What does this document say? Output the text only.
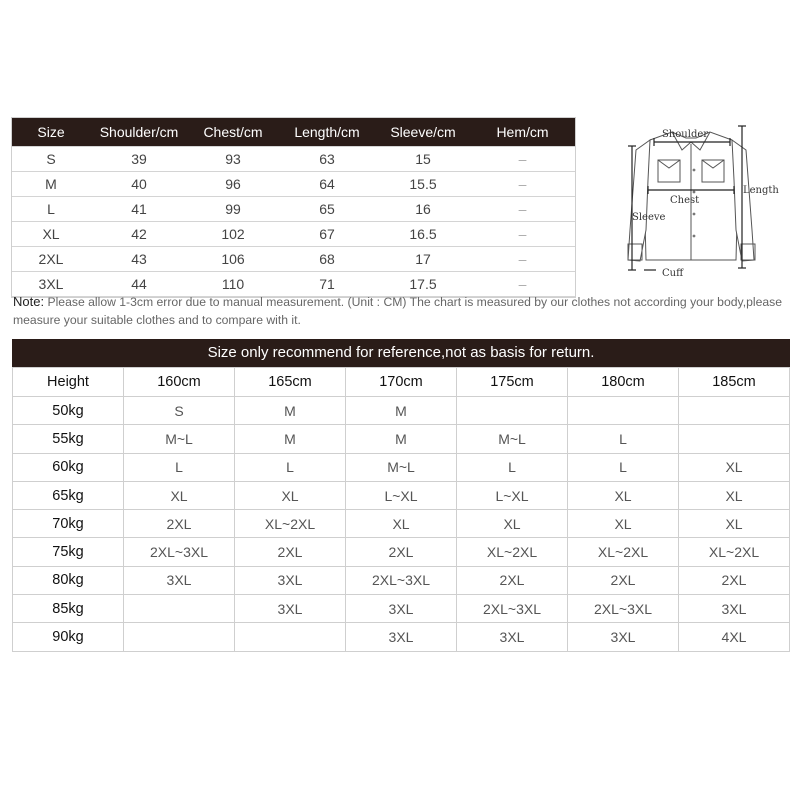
Size	Shoulder/cm	Chest/cm	Length/cm	Sleeve/cm	Hem/cm
S	39	93	63	15	–
M	40	96	64	15.5	–
L	41	99	65	16	–
XL	42	102	67	16.5	–
2XL	43	106	68	17	–
3XL	44	110	71	17.5	–
Shoulder
Chest
Length
Sleeve
Cuff
Note: Please allow 1-3cm error due to manual measurement. (Unit : CM) The chart is measured by our clothes not according your body,please measure your suitable clothes and to compare with it.
Size only recommend for reference,not as basis for return.
Height	160cm	165cm	170cm	175cm	180cm	185cm
50kg	S	M	M			
55kg	M~L	M	M	M~L	L	
60kg	L	L	M~L	L	L	XL
65kg	XL	XL	L~XL	L~XL	XL	XL
70kg	2XL	XL~2XL	XL	XL	XL	XL
75kg	2XL~3XL	2XL	2XL	XL~2XL	XL~2XL	XL~2XL
80kg	3XL	3XL	2XL~3XL	2XL	2XL	2XL
85kg		3XL	3XL	2XL~3XL	2XL~3XL	3XL
90kg			3XL	3XL	3XL	4XL
